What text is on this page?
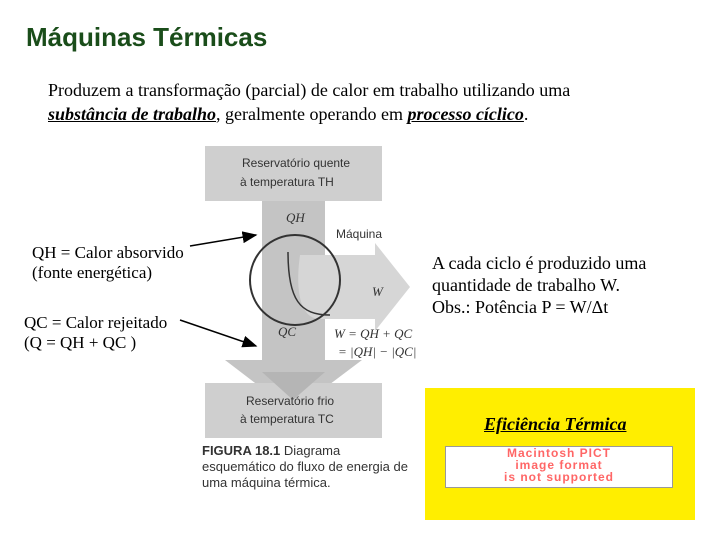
Máquinas Térmicas
Produzem a transformação (parcial) de calor em trabalho utilizando uma substância de trabalho, geralmente operando em processo cíclico.
QH = Calor absorvido
(fonte energética)
QC = Calor rejeitado
(Q = QH + QC )
Reservatório quente
à temperatura TH
QH
Máquina
W
QC	W = QH + QC
= |QH| − |QC|
Reservatório frio
à temperatura TC
FIGURA 18.1 Diagrama esquemático do fluxo de energia de uma máquina térmica.
A cada ciclo é produzido uma
quantidade de trabalho W.
Obs.: Potência P = W/Δt
Eficiência Térmica
Macintosh PICT
image format
is not supported
